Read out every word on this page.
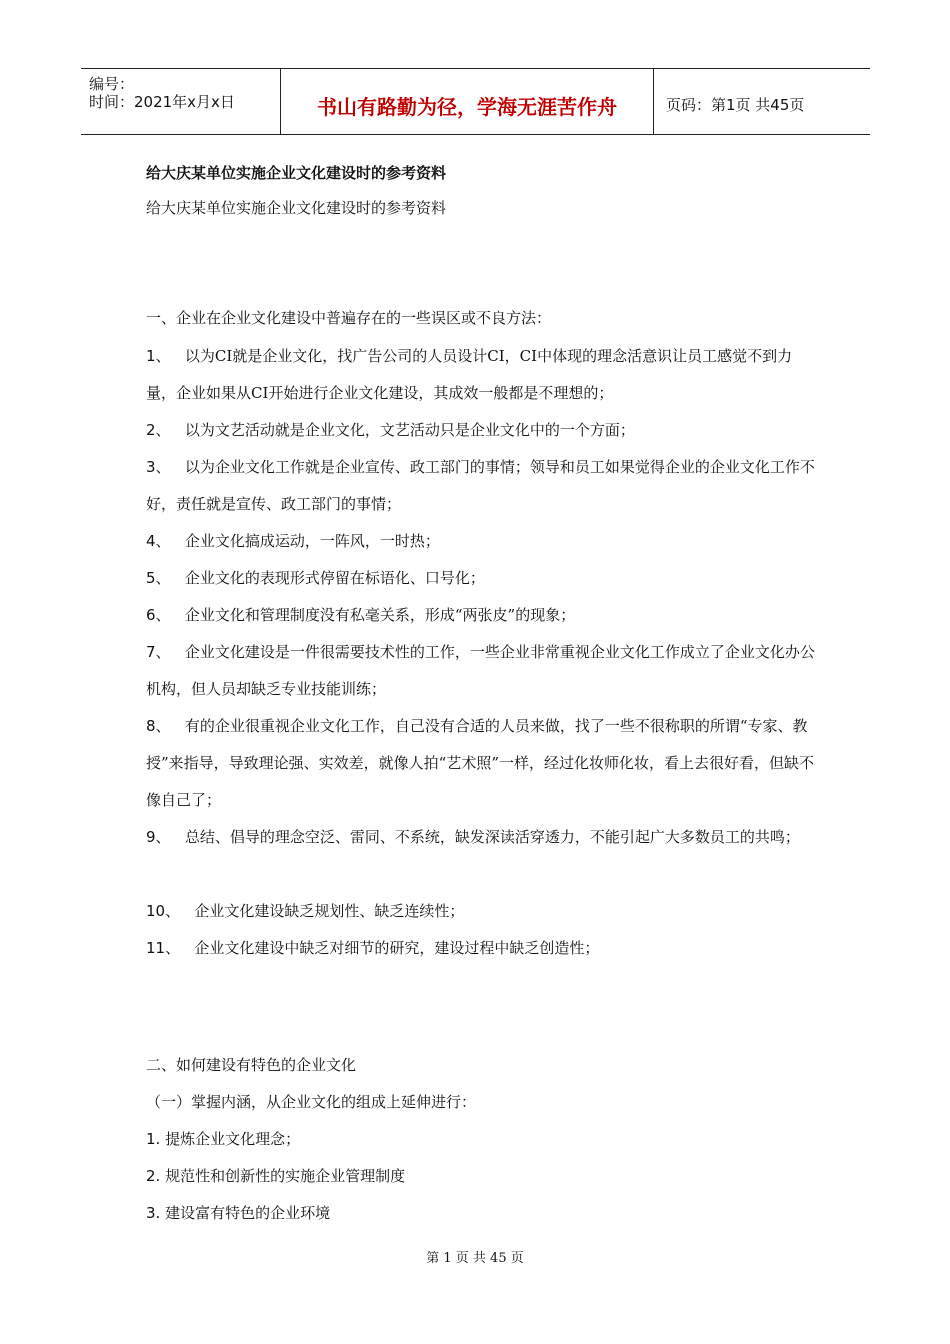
编号：
时间：2021年x月x日	书山有路勤为径，学海无涯苦作舟	页码：第1页 共45页
给大庆某单位实施企业文化建设时的参考资料
给大庆某单位实施企业文化建设时的参考资料
一、企业在企业文化建设中普遍存在的一些误区或不良方法：
1、 以为CI就是企业文化，找广告公司的人员设计CI，CI中体现的理念活意识让员工感觉不到力量，企业如果从CI开始进行企业文化建设，其成效一般都是不理想的；
2、 以为文艺活动就是企业文化，文艺活动只是企业文化中的一个方面；
3、 以为企业文化工作就是企业宣传、政工部门的事情；领导和员工如果觉得企业的企业文化工作不好，责任就是宣传、政工部门的事情；
4、 企业文化搞成运动，一阵风，一时热；
5、 企业文化的表现形式停留在标语化、口号化；
6、 企业文化和管理制度没有私毫关系，形成“两张皮”的现象；
7、 企业文化建设是一件很需要技术性的工作，一些企业非常重视企业文化工作成立了企业文化办公机构，但人员却缺乏专业技能训练；
8、 有的企业很重视企业文化工作，自己没有合适的人员来做，找了一些不很称职的所谓“专家、教授”来指导，导致理论强、实效差，就像人拍“艺术照”一样，经过化妆师化妆，看上去很好看，但缺不像自己了；
9、 总结、倡导的理念空泛、雷同、不系统，缺发深读活穿透力，不能引起广大多数员工的共鸣；
10、 企业文化建设缺乏规划性、缺乏连续性；
11、 企业文化建设中缺乏对细节的研究，建设过程中缺乏创造性；
二、如何建设有特色的企业文化
（一）掌握内涵，从企业文化的组成上延伸进行：
1. 提炼企业文化理念；
2. 规范性和创新性的实施企业管理制度
3. 建设富有特色的企业环境
第 1 页 共 45 页
